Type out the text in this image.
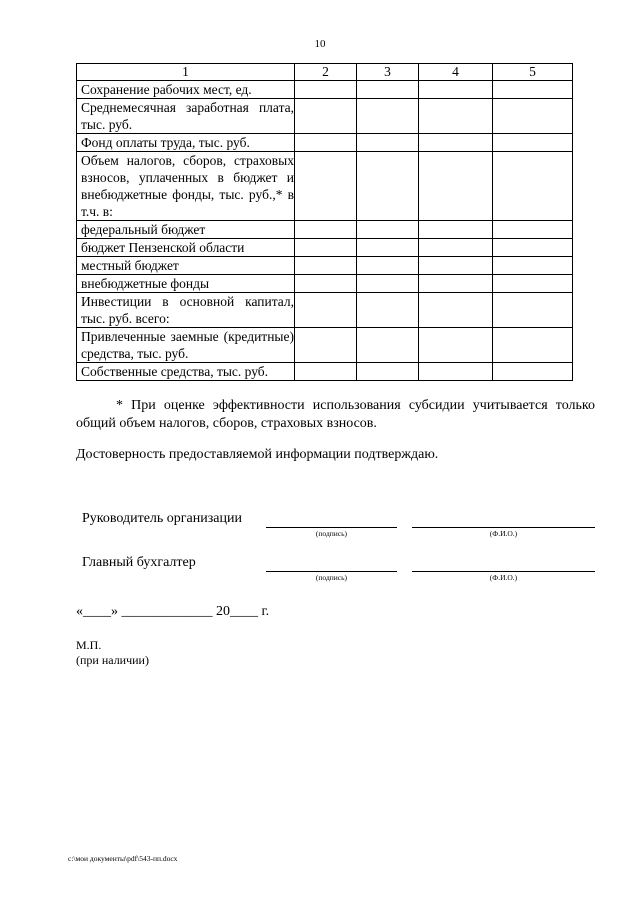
10
1	2	3	4	5
Сохранение рабочих мест, ед.				
Среднемесячная заработная плата, тыс. руб.				
Фонд оплаты труда, тыс. руб.				
Объем налогов, сборов, страховых взносов, уплаченных в бюджет и внебюджетные фонды, тыс. руб.,* в т.ч. в:				
федеральный бюджет				
бюджет Пензенской области				
местный бюджет				
внебюджетные фонды				
Инвестиции в основной капитал, тыс. руб. всего:				
Привлеченные заемные (кредитные) средства, тыс. руб.				
Собственные средства, тыс. руб.				
* При оценке эффективности использования субсидии учитывается только общий объем налогов, сборов, страховых взносов.
Достоверность предоставляемой информации подтверждаю.
Руководитель организации
(подпись)	(Ф.И.О.)
Главный бухгалтер
(подпись)	(Ф.И.О.)
«____» _____________ 20____ г.
М.П.
(при наличии)
c:\мои документы\pdf\543-пп.docx
